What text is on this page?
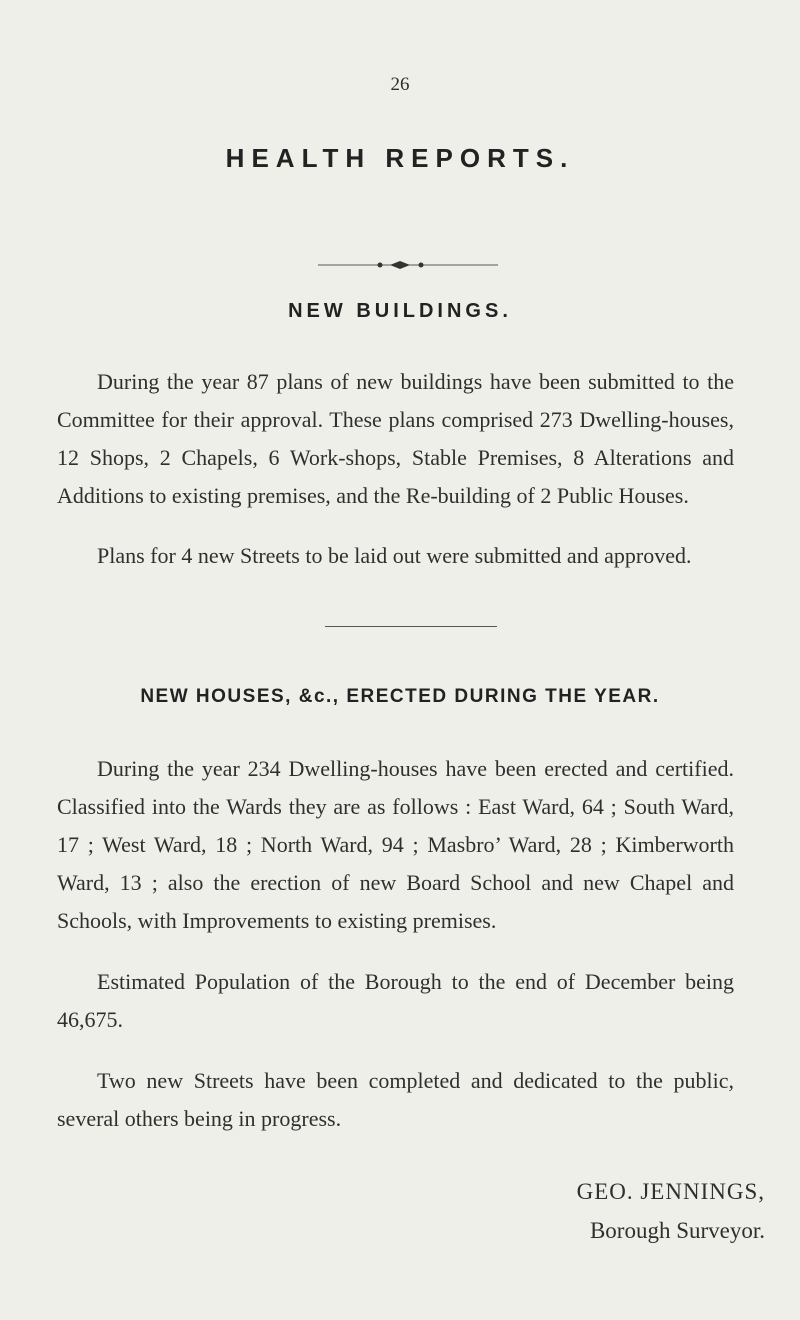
26
HEALTH REPORTS.
NEW BUILDINGS.

During the year 87 plans of new buildings have been submitted to the Committee for their approval. These plans comprised 273 Dwelling-houses, 12 Shops, 2 Chapels, 6 Work-shops, Stable Premises, 8 Alterations and Additions to existing premises, and the Re-building of 2 Public Houses.

Plans for 4 new Streets to be laid out were submitted and approved.

NEW HOUSES, &c., ERECTED DURING THE YEAR.

During the year 234 Dwelling-houses have been erected and certified. Classified into the Wards they are as follows : East Ward, 64 ; South Ward, 17 ; West Ward, 18 ; North Ward, 94 ; Masbro’ Ward, 28 ; Kimberworth Ward, 13 ; also the erection of new Board School and new Chapel and Schools, with Improvements to existing premises.

Estimated Population of the Borough to the end of December being 46,675.

Two new Streets have been completed and dedicated to the public, several others being in progress.

GEO. JENNINGS,
Borough Surveyor.
